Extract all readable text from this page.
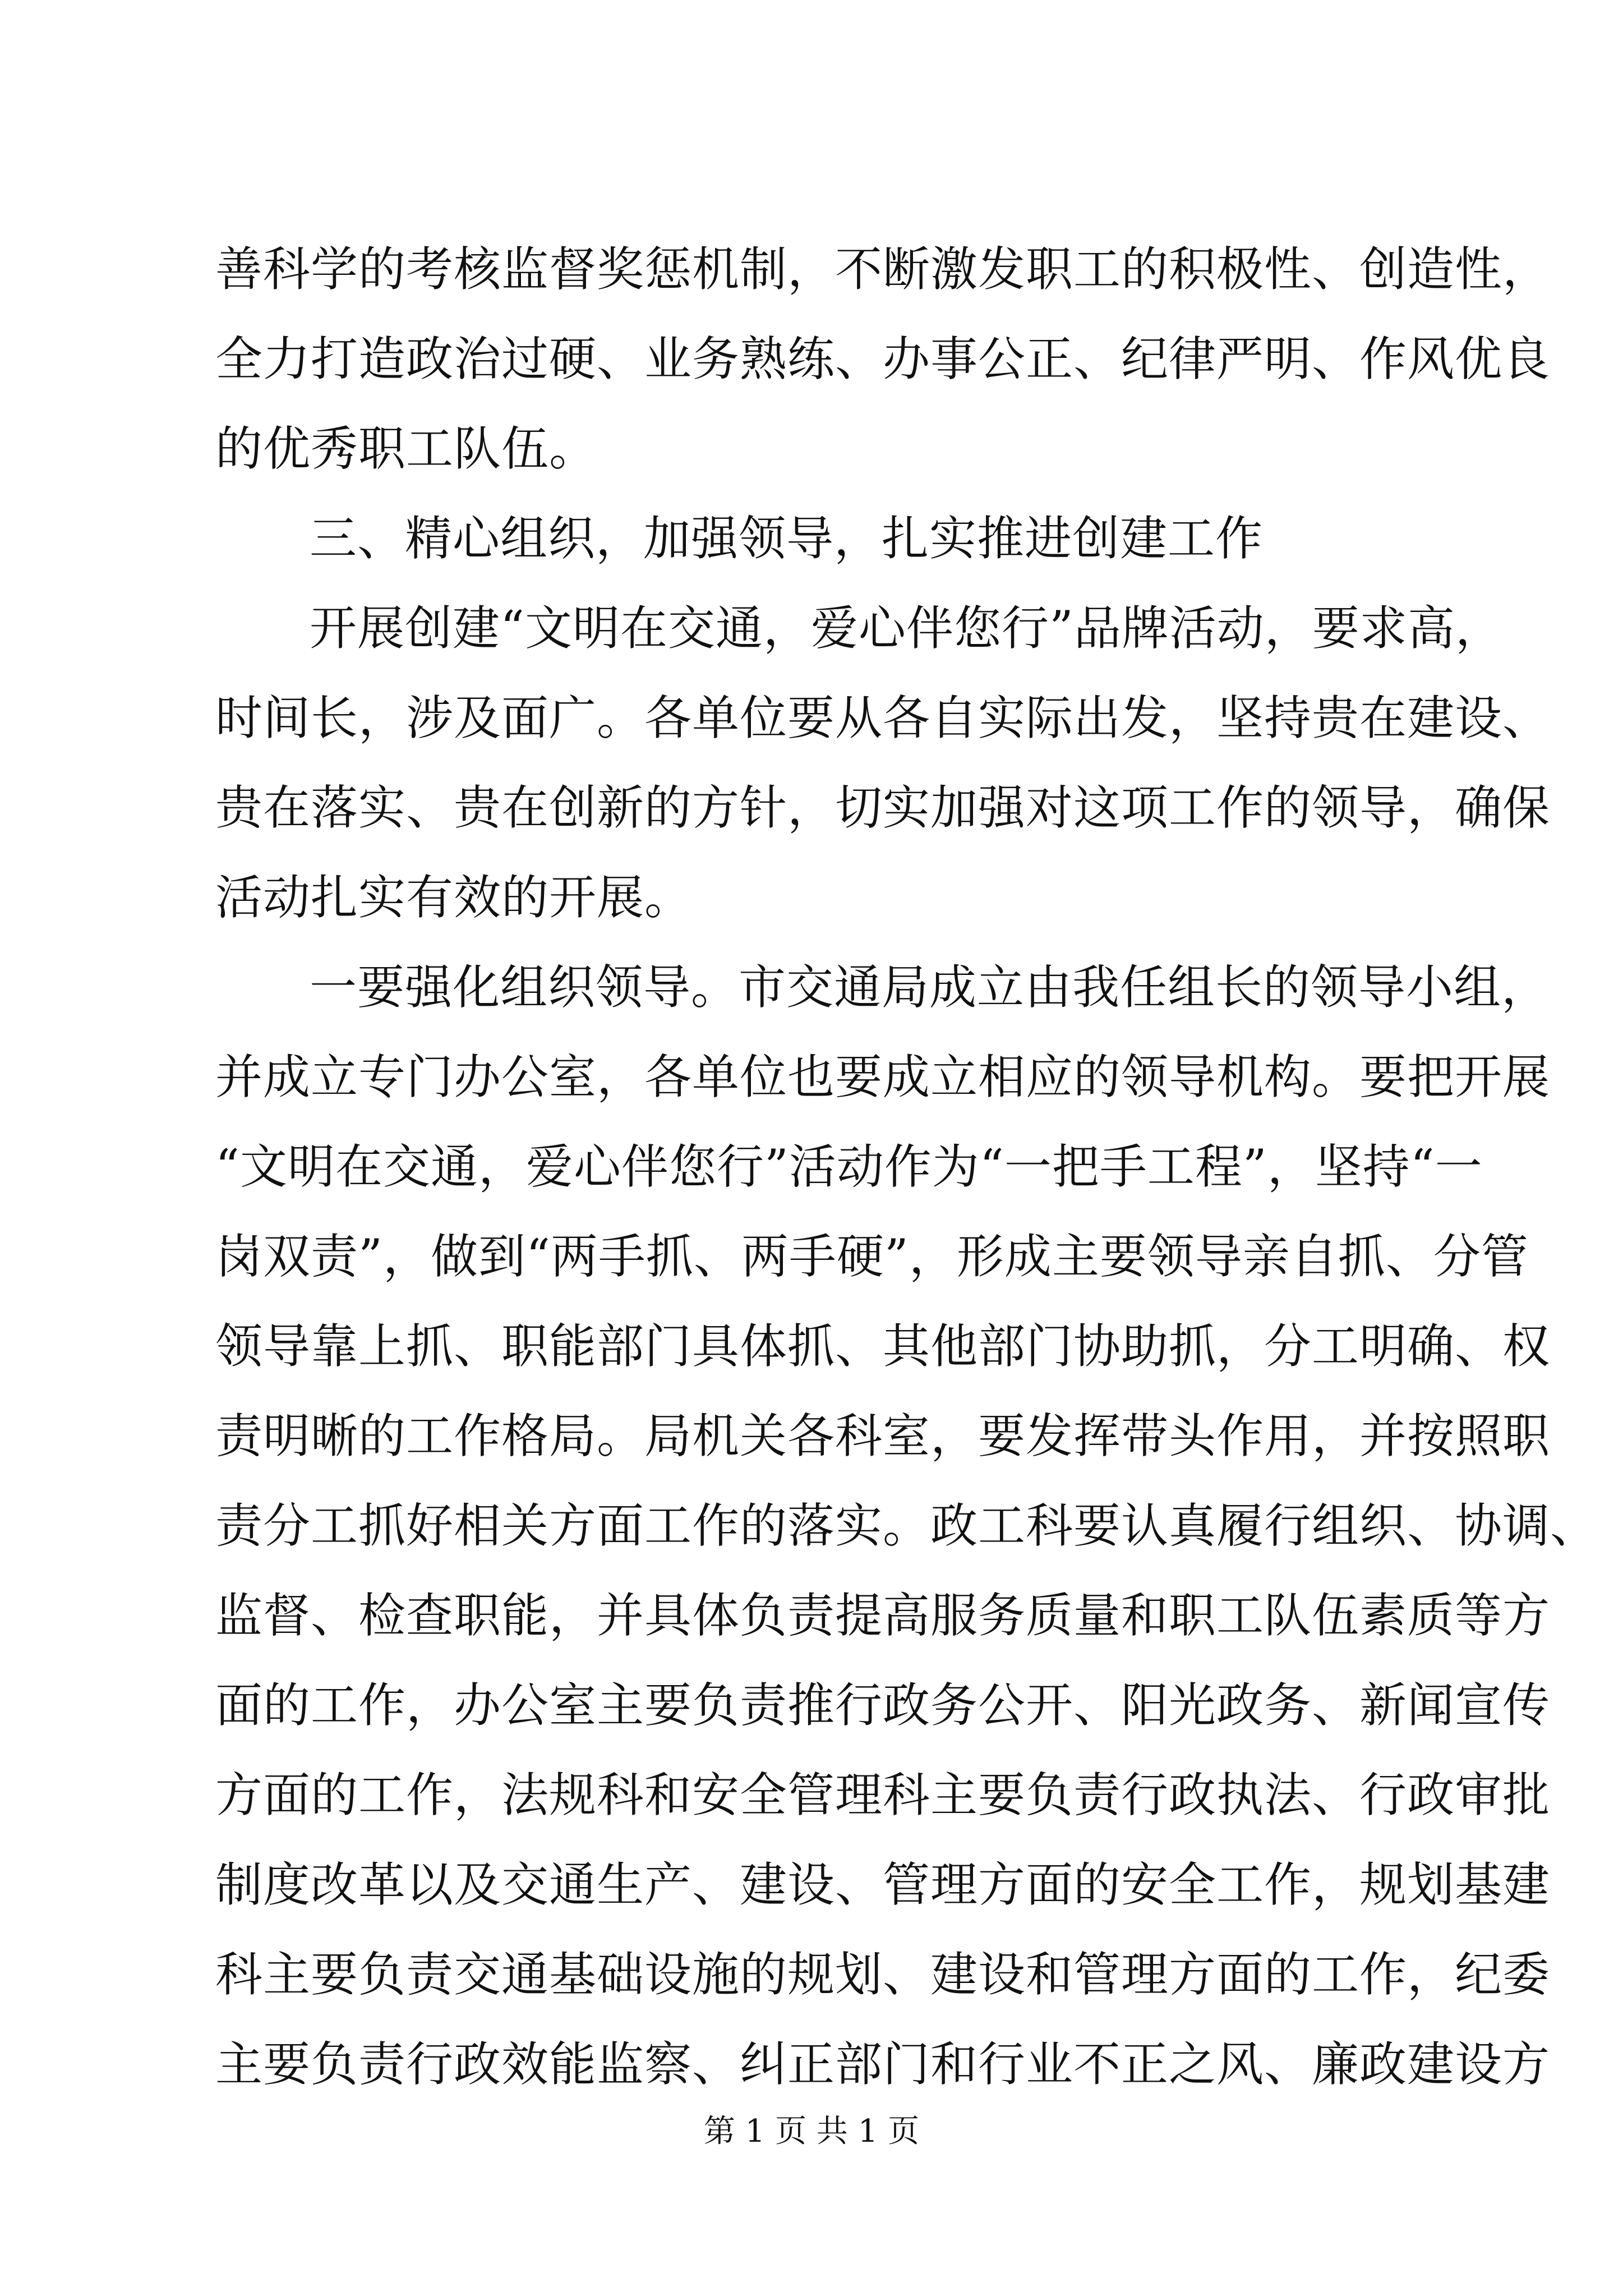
善科学的考核监督奖惩机制，不断激发职工的积极性、创造性，
全力打造政治过硬、业务熟练、办事公正、纪律严明、作风优良
的优秀职工队伍。
三、精心组织，加强领导，扎实推进创建工作
开展创建“文明在交通，爱心伴您行”品牌活动，要求高，
时间长，涉及面广。各单位要从各自实际出发，坚持贵在建设、
贵在落实、贵在创新的方针，切实加强对这项工作的领导，确保
活动扎实有效的开展。
一要强化组织领导。市交通局成立由我任组长的领导小组，
并成立专门办公室，各单位也要成立相应的领导机构。要把开展
“文明在交通，爱心伴您行”活动作为“一把手工程”，坚持“一
岗双责”，做到“两手抓、两手硬”，形成主要领导亲自抓、分管
领导靠上抓、职能部门具体抓、其他部门协助抓，分工明确、权
责明晰的工作格局。局机关各科室，要发挥带头作用，并按照职
责分工抓好相关方面工作的落实。政工科要认真履行组织、协调、
监督、检查职能，并具体负责提高服务质量和职工队伍素质等方
面的工作，办公室主要负责推行政务公开、阳光政务、新闻宣传
方面的工作，法规科和安全管理科主要负责行政执法、行政审批
制度改革以及交通生产、建设、管理方面的安全工作，规划基建
科主要负责交通基础设施的规划、建设和管理方面的工作，纪委
主要负责行政效能监察、纠正部门和行业不正之风、廉政建设方
第 1 页 共 1 页
